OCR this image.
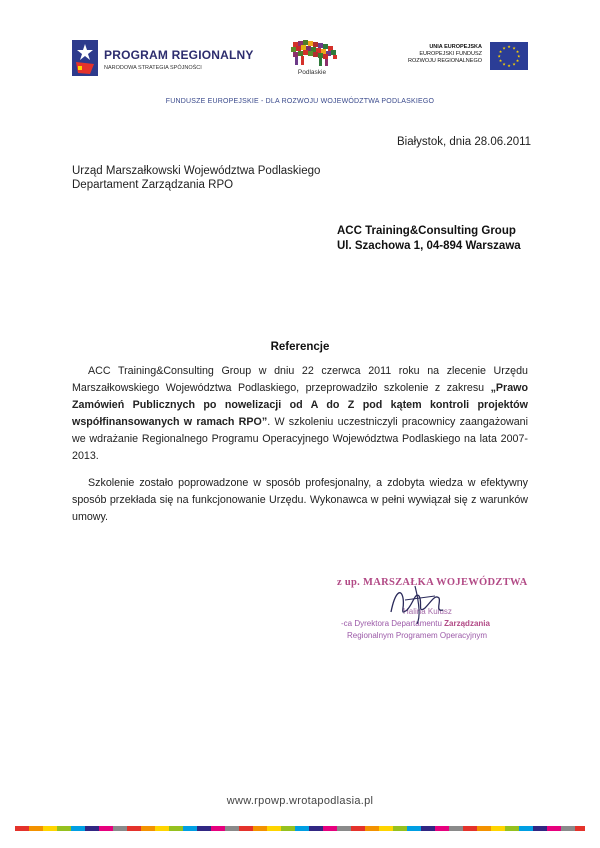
PROGRAM REGIONALNY
NARODOWA STRATEGIA SPÓJNOŚCI
Podlaskie
UNIA EUROPEJSKA
EUROPEJSKI FUNDUSZ
ROZWOJU REGIONALNEGO
★ ★
★
★
★
★
★
★
★
★
★
★
FUNDUSZE EUROPEJSKIE - DLA ROZWOJU WOJEWÓDZTWA PODLASKIEGO
Białystok, dnia 28.06.2011
Urząd Marszałkowski Województwa Podlaskiego
Departament Zarządzania RPO
ACC Training&Consulting Group
Ul. Szachowa 1, 04-894 Warszawa
Referencje
ACC Training&Consulting Group w dniu 22 czerwca 2011 roku na zlecenie Urzędu Marszałkowskiego Województwa Podlaskiego, przeprowadziło szkolenie z zakresu „Prawo Zamówień Publicznych po nowelizacji od A do Z pod kątem kontroli projektów współfinansowanych w ramach RPO”. W szkoleniu uczestniczyli pracownicy zaangażowani we wdrażanie Regionalnego Programu Operacyjnego Województwa Podlaskiego na lata 2007-2013.
Szkolenie zostało poprowadzone w sposób profesjonalny, a zdobyta wiedza w efektywny sposób przekłada się na funkcjonowanie Urzędu. Wykonawca w pełni wywiązał się z warunków umowy.
z up. MARSZAŁKA WOJEWÓDZTWA
Halina Kulusz
-ca Dyrektora Departamentu Zarządzania
Regionalnym Programem Operacyjnym
www.rpowp.wrotapodlasia.pl
